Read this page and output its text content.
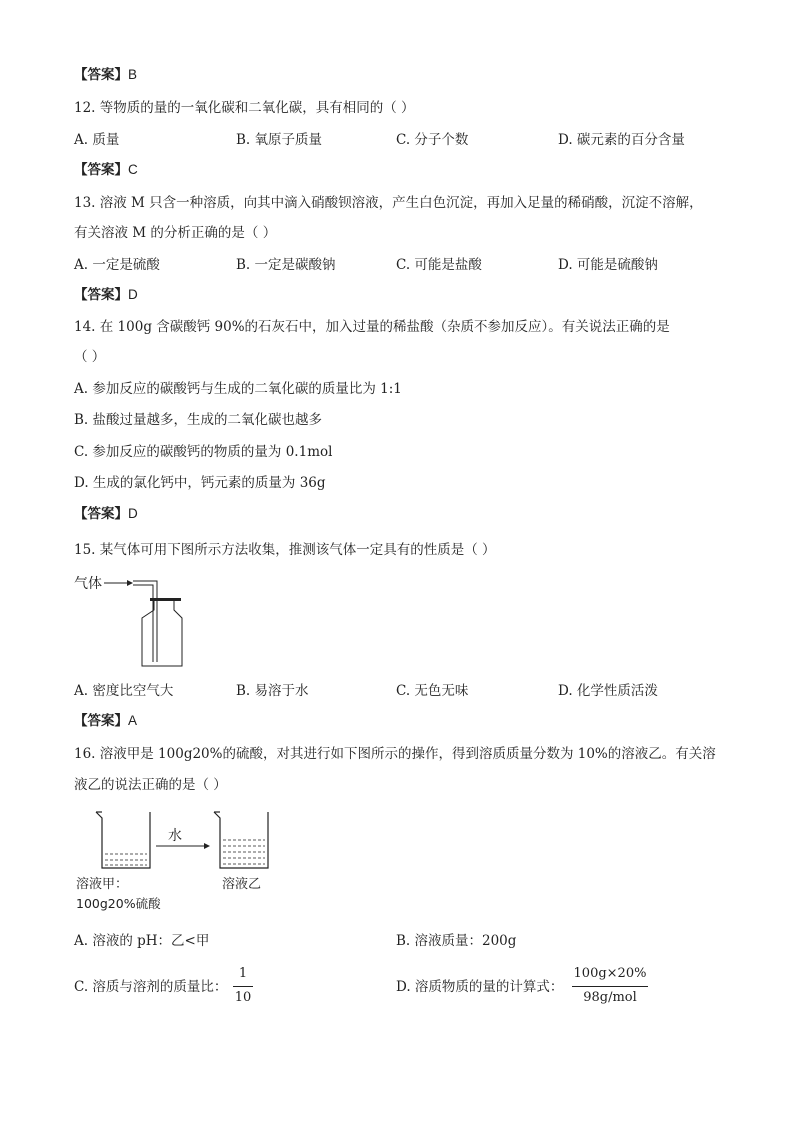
【答案】B
12. 等物质的量的一氧化碳和二氧化碳，具有相同的（ ）
A. 质量	B. 氧原子质量	C. 分子个数	D. 碳元素的百分含量
【答案】C
13. 溶液 M 只含一种溶质，向其中滴入硝酸钡溶液，产生白色沉淀，再加入足量的稀硝酸，沉淀不溶解，
有关溶液 M 的分析正确的是（ ）
A. 一定是硫酸	B. 一定是碳酸钠	C. 可能是盐酸	D. 可能是硫酸钠
【答案】D
14. 在 100g 含碳酸钙 90%的石灰石中，加入过量的稀盐酸（杂质不参加反应）。有关说法正确的是
（ ）
A. 参加反应的碳酸钙与生成的二氧化碳的质量比为 1:1
B. 盐酸过量越多，生成的二氧化碳也越多
C. 参加反应的碳酸钙的物质的量为 0.1mol
D. 生成的氯化钙中，钙元素的质量为 36g
【答案】D
15. 某气体可用下图所示方法收集，推测该气体一定具有的性质是（ ）
气体
A. 密度比空气大	B. 易溶于水	C. 无色无味	D. 化学性质活泼
【答案】A
16. 溶液甲是 100g20%的硫酸，对其进行如下图所示的操作，得到溶质质量分数为 10%的溶液乙。有关溶
液乙的说法正确的是（ ）
水
溶液甲：
100g20%硫酸
溶液乙
A. 溶液的 pH：乙<甲	B. 溶液质量：200g
C. 溶质与溶剂的质量比：
1
10
D. 溶质物质的量的计算式：
100g×20%
98g/mol
